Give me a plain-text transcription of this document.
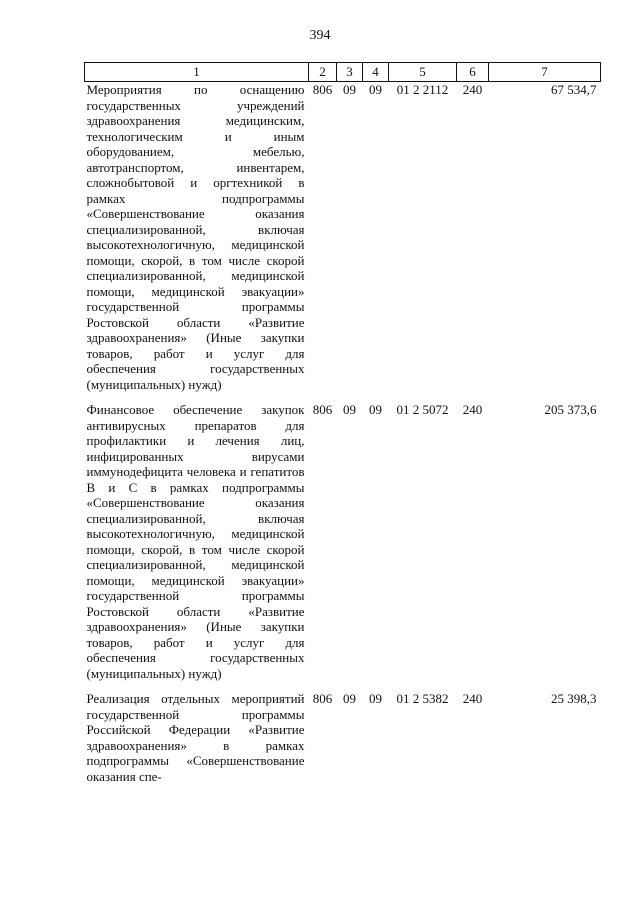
394
1	2	3	4	5	6	7
Мероприятия по оснащению государственных учреждений здравоохранения медицинским, технологическим и иным оборудованием, мебелью, автотранспортом, инвентарем, сложнобытовой и оргтехникой в рамках подпрограммы «Совершенствование оказания специализированной, включая высокотехнологичную, медицинской помощи, скорой, в том числе скорой специализированной, медицинской помощи, медицинской эвакуации» государственной программы Ростовской области «Развитие здравоохранения» (Иные закупки товаров, работ и услуг для обеспечения государственных (муниципальных) нужд)	806	09	09	01 2 2112	240	67 534,7
Финансовое обеспечение закупок антивирусных препаратов для профилактики и лечения лиц, инфицированных вирусами иммунодефицита человека и гепатитов B и C в рамках подпрограммы «Совершенствование оказания специализированной, включая высокотехнологичную, медицинской помощи, скорой, в том числе скорой специализированной, медицинской помощи, медицинской эвакуации» государственной программы Ростовской области «Развитие здравоохранения» (Иные закупки товаров, работ и услуг для обеспечения государственных (муниципальных) нужд)	806	09	09	01 2 5072	240	205 373,6
Реализация отдельных мероприятий государственной программы Российской Федерации «Развитие здравоохранения» в рамках подпрограммы «Совершенствование оказания спе-	806	09	09	01 2 5382	240	25 398,3
